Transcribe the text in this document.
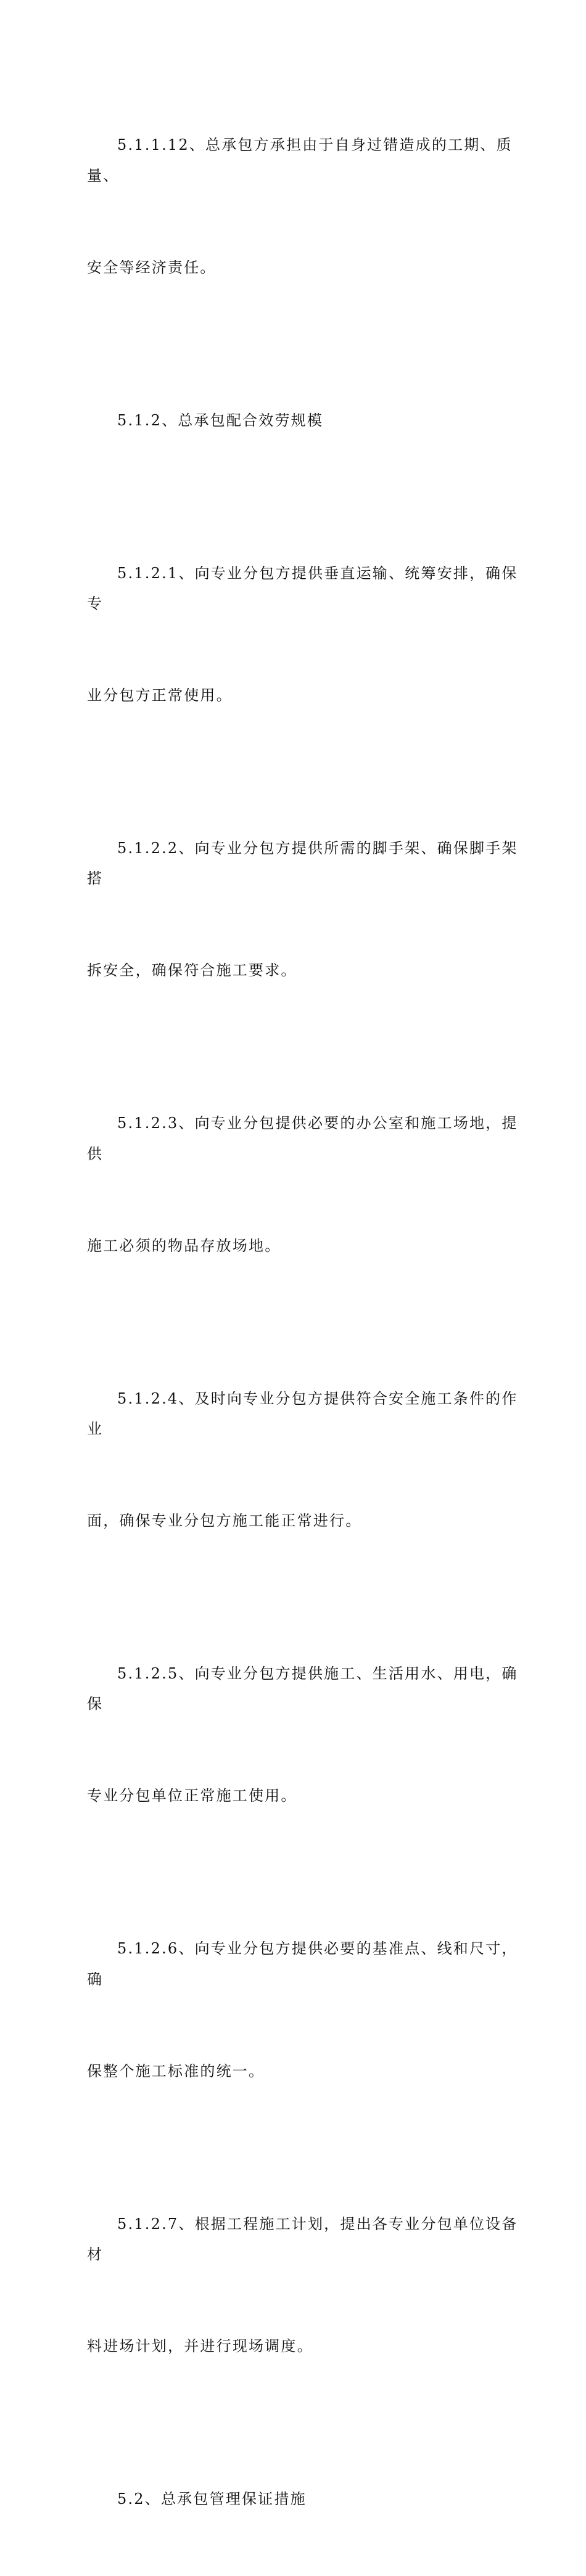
5.1.1.12、总承包方承担由于自身过错造成的工期、质量、

安全等经济责任。

5.1.2、总承包配合效劳规模

5.1.2.1、向专业分包方提供垂直运输、统筹安排，确保专

业分包方正常使用。

5.1.2.2、向专业分包方提供所需的脚手架、确保脚手架搭

拆安全，确保符合施工要求。

5.1.2.3、向专业分包提供必要的办公室和施工场地，提供

施工必须的物品存放场地。

5.1.2.4、及时向专业分包方提供符合安全施工条件的作业

面，确保专业分包方施工能正常进行。

5.1.2.5、向专业分包方提供施工、生活用水、用电，确保

专业分包单位正常施工使用。

5.1.2.6、向专业分包方提供必要的基准点、线和尺寸，确

保整个施工标准的统一。

5.1.2.7、根据工程施工计划，提出各专业分包单位设备材

料进场计划，并进行现场调度。

5.2、总承包管理保证措施
